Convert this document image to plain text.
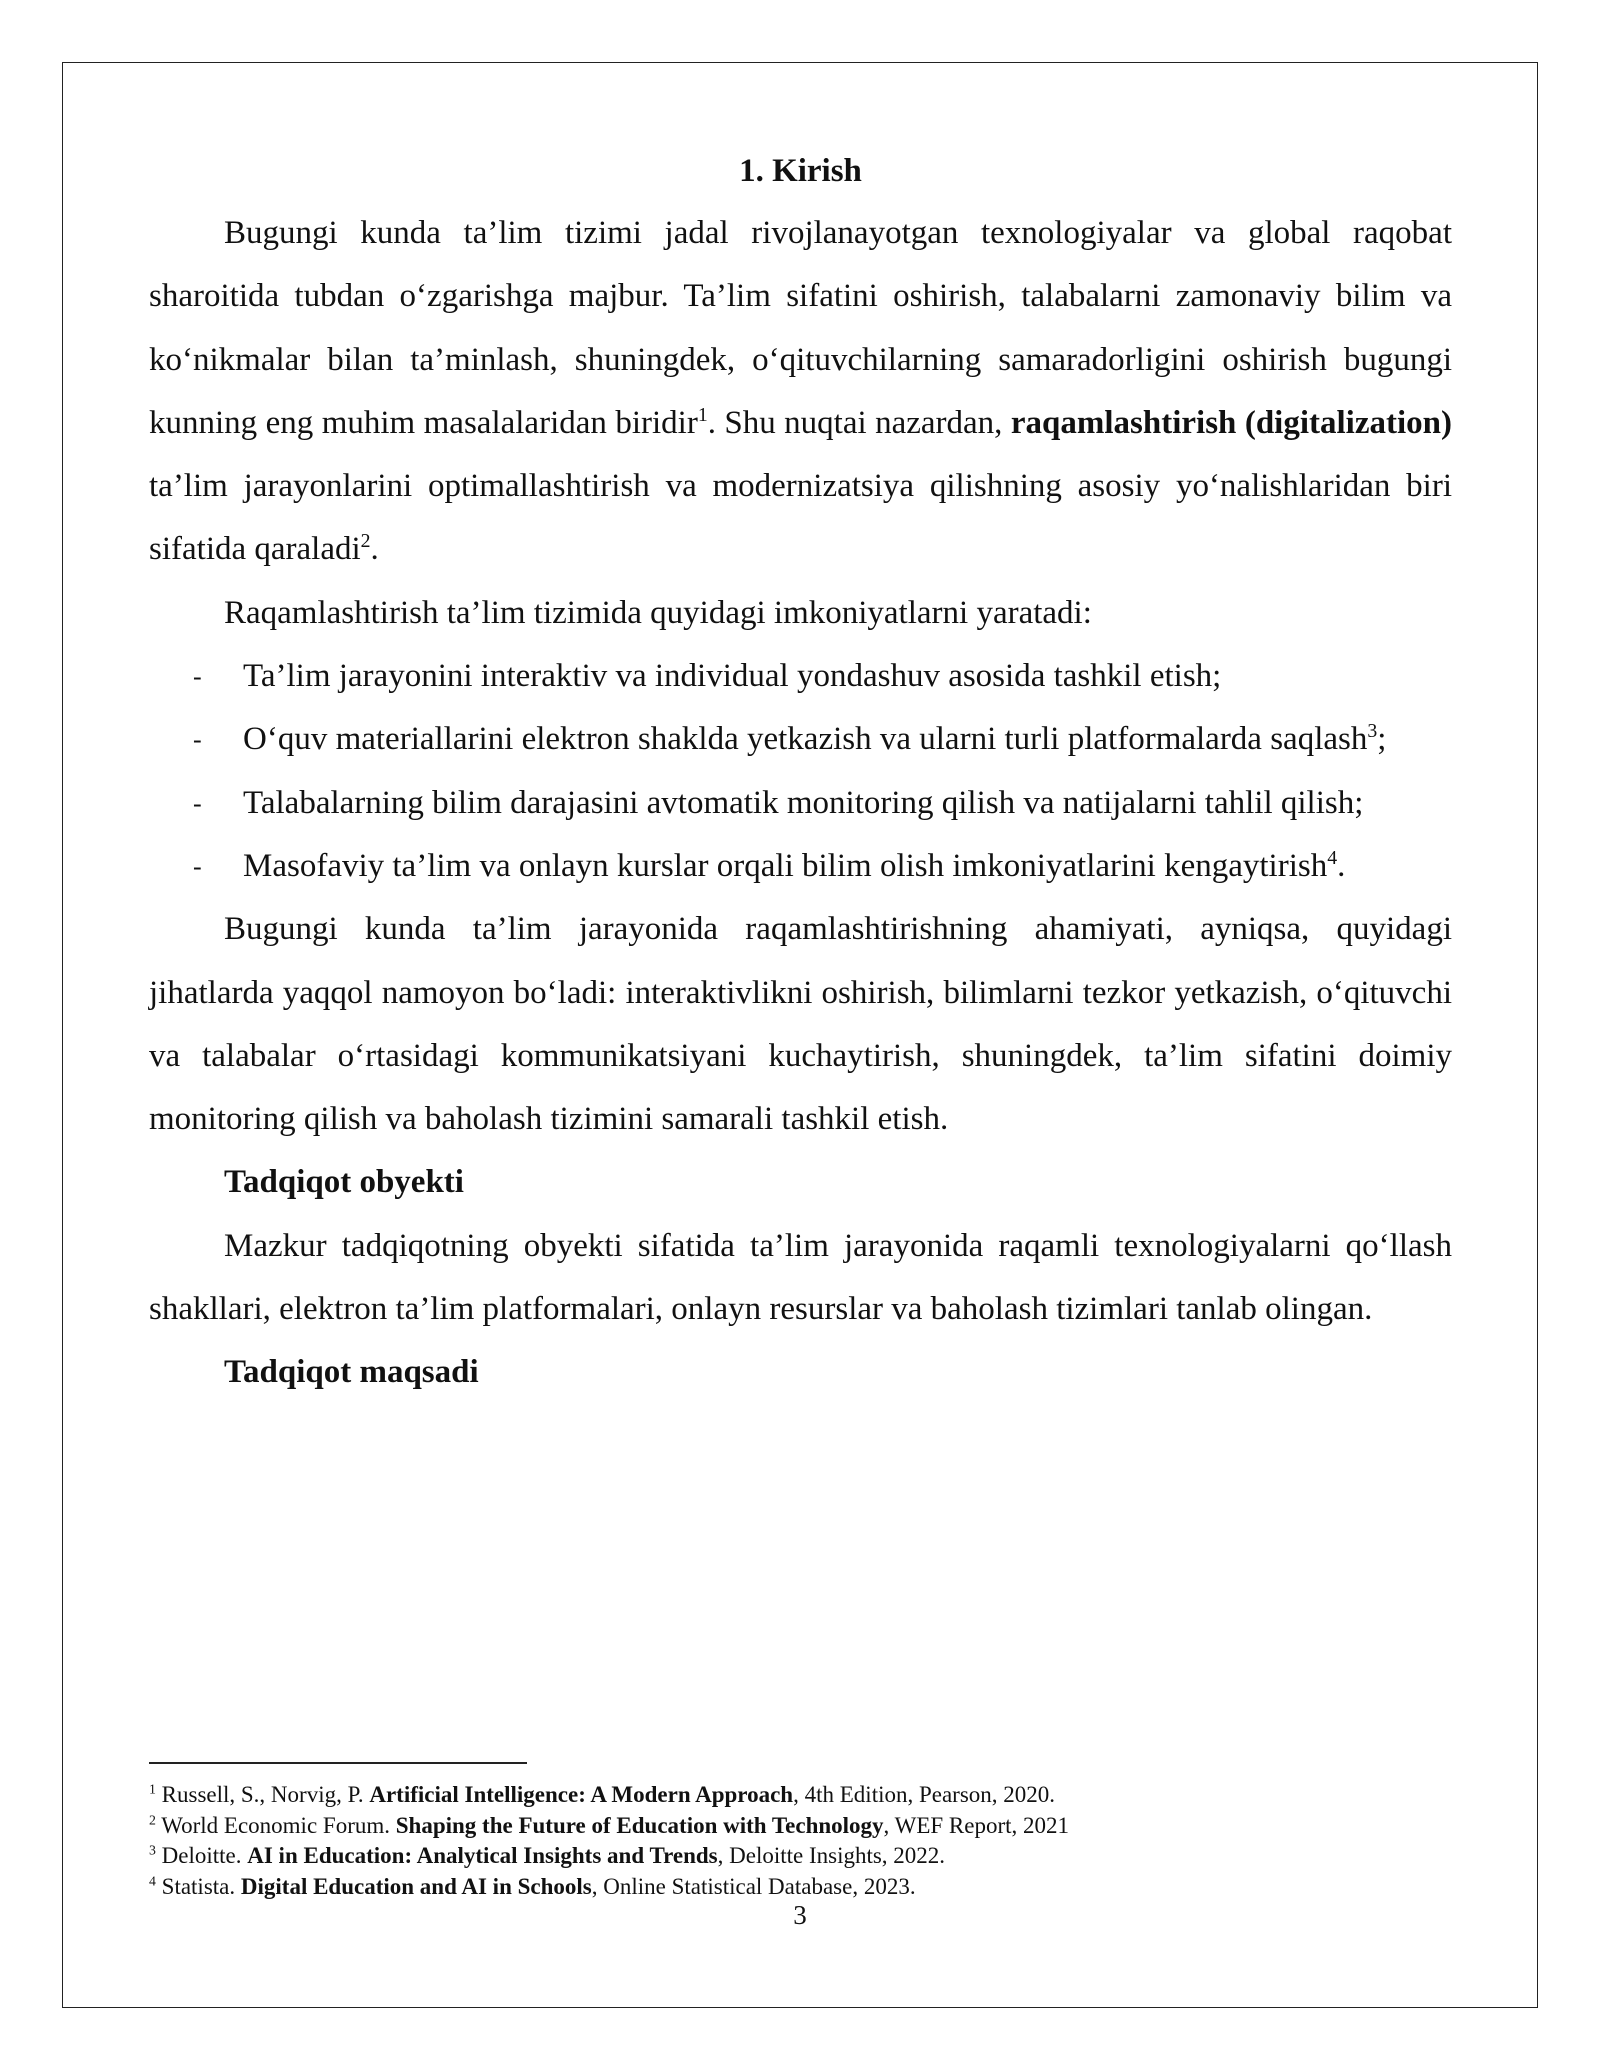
1. Kirish

Bugungi kunda ta’lim tizimi jadal rivojlanayotgan texnologiyalar va global raqobat sharoitida tubdan o‘zgarishga majbur. Ta’lim sifatini oshirish, talabalarni zamonaviy bilim va ko‘nikmalar bilan ta’minlash, shuningdek, o‘qituvchilarning samaradorligini oshirish bugungi kunning eng muhim masalalaridan biridir$^1$. Shu nuqtai nazardan, raqamlashtirish (digitalization) ta’lim jarayonlarini optimallashtirish va modernizatsiya qilishning asosiy yo‘nalishlaridan biri sifatida qaraladi$^2$.

Raqamlashtirish ta’lim tizimida quyidagi imkoniyatlarni yaratadi:

- Ta’lim jarayonini interaktiv va individual yondashuv asosida tashkil etish;
- O‘quv materiallarini elektron shaklda yetkazish va ularni turli platformalarda saqlash$^3$;
- Talabalarning bilim darajasini avtomatik monitoring qilish va natijalarni tahlil qilish;
- Masofaviy ta’lim va onlayn kurslar orqali bilim olish imkoniyatlarini kengaytirish$^4$.

Bugungi kunda ta’lim jarayonida raqamlashtirishning ahamiyati, ayniqsa, quyidagi jihatlarda yaqqol namoyon bo‘ladi: interaktivlikni oshirish, bilimlarni tezkor yetkazish, o‘qituvchi va talabalar o‘rtasidagi kommunikatsiyani kuchaytirish, shuningdek, ta’lim sifatini doimiy monitoring qilish va baholash tizimini samarali tashkil etish.

Tadqiqot obyekti

Mazkur tadqiqotning obyekti sifatida ta’lim jarayonida raqamli texnologiyalarni qo‘llash shakllari, elektron ta’lim platformalari, onlayn resurslar va baholash tizimlari tanlab olingan.

Tadqiqot maqsadi

$^1$ Russell, S., Norvig, P. Artificial Intelligence: A Modern Approach, 4th Edition, Pearson, 2020.

$^2$ World Economic Forum. Shaping the Future of Education with Technology, WEF Report, 2021

$^3$ Deloitte. AI in Education: Analytical Insights and Trends, Deloitte Insights, 2022.

$^4$ Statista. Digital Education and AI in Schools, Online Statistical Database, 2023.

3
